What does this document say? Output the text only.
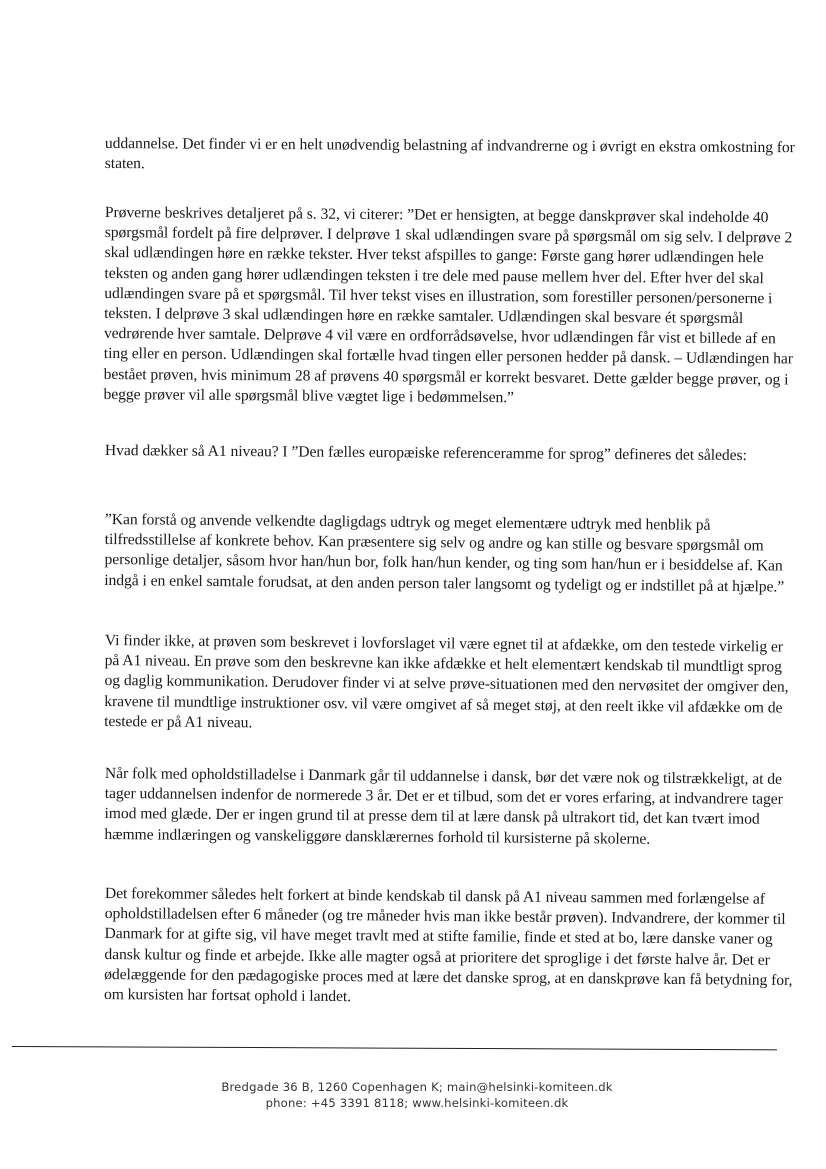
uddannelse. Det finder vi er en helt unødvendig belastning af indvandrerne og i øvrigt en ekstra omkostning for staten.

Prøverne beskrives detaljeret på s. 32, vi citerer: ”Det er hensigten, at begge danskprøver skal indeholde 40 spørgsmål fordelt på fire delprøver. I delprøve 1 skal udlændingen svare på spørgsmål om sig selv. I delprøve 2 skal udlændingen høre en række tekster. Hver tekst afspilles to gange: Første gang hører udlændingen hele teksten og anden gang hører udlændingen teksten i tre dele med pause mellem hver del. Efter hver del skal udlændingen svare på et spørgsmål. Til hver tekst vises en illustration, som forestiller personen/personerne i teksten. I delprøve 3 skal udlændingen høre en række samtaler. Udlændingen skal besvare ét spørgsmål vedrørende hver samtale. Delprøve 4 vil være en ordforrådsøvelse, hvor udlændingen får vist et billede af en ting eller en person. Udlændingen skal fortælle hvad tingen eller personen hedder på dansk. – Udlændingen har bestået prøven, hvis minimum 28 af prøvens 40 spørgsmål er korrekt besvaret. Dette gælder begge prøver, og i begge prøver vil alle spørgsmål blive vægtet lige i bedømmelsen.”

Hvad dækker så A1 niveau? I ”Den fælles europæiske referenceramme for sprog” defineres det således:

”Kan forstå og anvende velkendte dagligdags udtryk og meget elementære udtryk med henblik på tilfredsstillelse af konkrete behov. Kan præsentere sig selv og andre og kan stille og besvare spørgsmål om personlige detaljer, såsom hvor han/hun bor, folk han/hun kender, og ting som han/hun er i besiddelse af. Kan indgå i en enkel samtale forudsat, at den anden person taler langsomt og tydeligt og er indstillet på at hjælpe.”

Vi finder ikke, at prøven som beskrevet i lovforslaget vil være egnet til at afdække, om den testede virkelig er på A1 niveau. En prøve som den beskrevne kan ikke afdække et helt elementært kendskab til mundtligt sprog og daglig kommunikation. Derudover finder vi at selve prøve-situationen med den nervøsitet der omgiver den, kravene til mundtlige instruktioner osv. vil være omgivet af så meget støj, at den reelt ikke vil afdække om de testede er på A1 niveau.

Når folk med opholdstilladelse i Danmark går til uddannelse i dansk, bør det være nok og tilstrækkeligt, at de tager uddannelsen indenfor de normerede 3 år. Det er et tilbud, som det er vores erfaring, at indvandrere tager imod med glæde. Der er ingen grund til at presse dem til at lære dansk på ultrakort tid, det kan tvært imod hæmme indlæringen og vanskeliggøre dansklærernes forhold til kursisterne på skolerne.

Det forekommer således helt forkert at binde kendskab til dansk på A1 niveau sammen med forlængelse af opholdstilladelsen efter 6 måneder (og tre måneder hvis man ikke består prøven). Indvandrere, der kommer til Danmark for at gifte sig, vil have meget travlt med at stifte familie, finde et sted at bo, lære danske vaner og dansk kultur og finde et arbejde. Ikke alle magter også at prioritere det sproglige i det første halve år. Det er ødelæggende for den pædagogiske proces med at lære det danske sprog, at en danskprøve kan få betydning for, om kursisten har fortsat ophold i landet.

Bredgade 36 B, 1260 Copenhagen K; main@helsinki-komiteen.dk
phone: +45 3391 8118; www.helsinki-komiteen.dk
